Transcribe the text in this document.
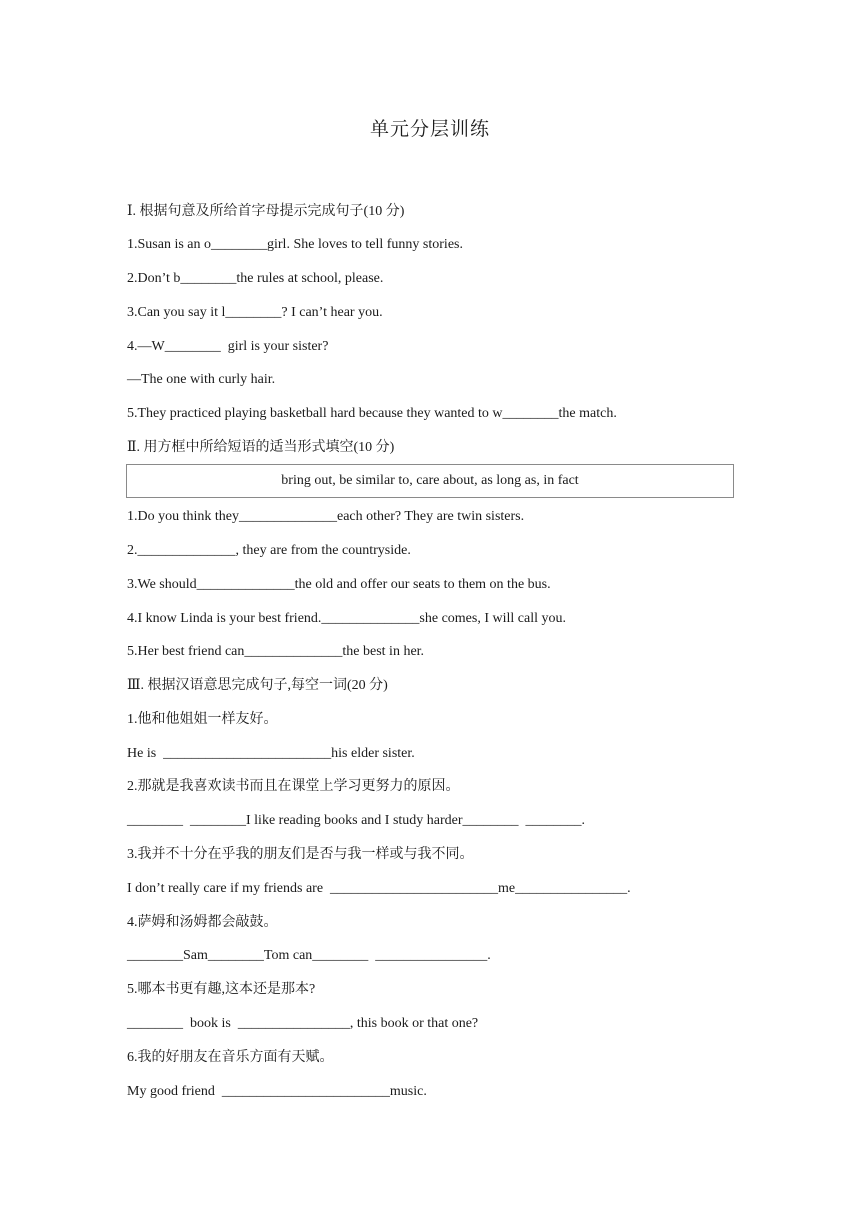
单元分层训练
Ⅰ. 根据句意及所给首字母提示完成句子(10 分)
1.Susan is an o________girl. She loves to tell funny stories.
2.Don’t b________the rules at school, please.
3.Can you say it l________? I can’t hear you.
4.—W________  girl is your sister?
—The one with curly hair.
5.They practiced playing basketball hard because they wanted to w________the match.
Ⅱ. 用方框中所给短语的适当形式填空(10 分)
bring out, be similar to, care about, as long as, in fact
1.Do you think they______________each other? They are twin sisters.
2.______________, they are from the countryside.
3.We should______________the old and offer our seats to them on the bus.
4.I know Linda is your best friend.______________she comes, I will call you.
5.Her best friend can______________the best in her.
Ⅲ. 根据汉语意思完成句子,每空一词(20 分)
1.他和他姐姐一样友好。
He is  ________________________his elder sister.
2.那就是我喜欢读书而且在课堂上学习更努力的原因。
________  ________I like reading books and I study harder________  ________.
3.我并不十分在乎我的朋友们是否与我一样或与我不同。
I don’t really care if my friends are  ________________________me________________.
4.萨姆和汤姆都会敲鼓。
________Sam________Tom can________  ________________.
5.哪本书更有趣,这本还是那本?
________  book is  ________________, this book or that one?
6.我的好朋友在音乐方面有天赋。
My good friend  ________________________music.
